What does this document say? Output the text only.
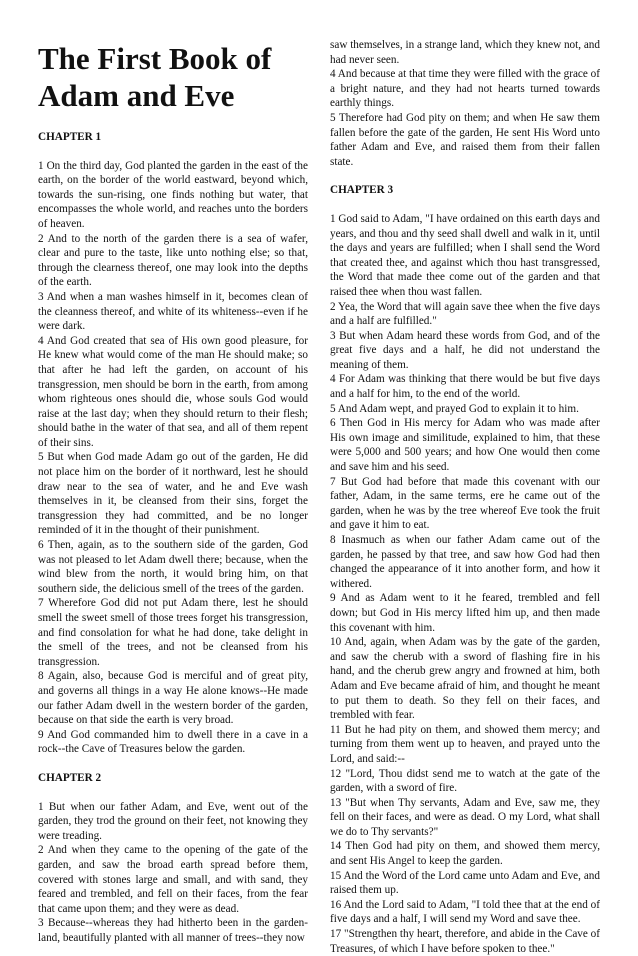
The First Book of Adam and Eve
CHAPTER 1

1 On the third day, God planted the garden in the east of the earth, on the border of the world eastward, beyond which, towards the sun-rising, one finds nothing but water, that encompasses the whole world, and reaches unto the borders of heaven.

2 And to the north of the garden there is a sea of wafer, clear and pure to the taste, like unto nothing else; so that, through the clearness thereof, one may look into the depths of the earth.

3 And when a man washes himself in it, becomes clean of the cleanness thereof, and white of its whiteness--even if he were dark.

4 And God created that sea of His own good pleasure, for He knew what would come of the man He should make; so that after he had left the garden, on account of his transgression, men should be born in the earth, from among whom righteous ones should die, whose souls God would raise at the last day; when they should return to their flesh; should bathe in the water of that sea, and all of them repent of their sins.

5 But when God made Adam go out of the garden, He did not place him on the border of it northward, lest he should draw near to the sea of water, and he and Eve wash themselves in it, be cleansed from their sins, forget the transgression they had committed, and be no longer reminded of it in the thought of their punishment.

6 Then, again, as to the southern side of the garden, God was not pleased to let Adam dwell there; because, when the wind blew from the north, it would bring him, on that southern side, the delicious smell of the trees of the garden.

7 Wherefore God did not put Adam there, lest he should smell the sweet smell of those trees forget his transgression, and find consolation for what he had done, take delight in the smell of the trees, and not be cleansed from his transgression.

8 Again, also, because God is merciful and of great pity, and governs all things in a way He alone knows--He made our father Adam dwell in the western border of the garden, because on that side the earth is very broad.

9 And God commanded him to dwell there in a cave in a rock--the Cave of Treasures below the garden.

CHAPTER 2

1 But when our father Adam, and Eve, went out of the garden, they trod the ground on their feet, not knowing they were treading.

2 And when they came to the opening of the gate of the garden, and saw the broad earth spread before them, covered with stones large and small, and with sand, they feared and trembled, and fell on their faces, from the fear that came upon them; and they were as dead.

3 Because--whereas they had hitherto been in the garden-land, beautifully planted with all manner of trees--they now

saw themselves, in a strange land, which they knew not, and had never seen.

4 And because at that time they were filled with the grace of a bright nature, and they had not hearts turned towards earthly things.

5 Therefore had God pity on them; and when He saw them fallen before the gate of the garden, He sent His Word unto father Adam and Eve, and raised them from their fallen state.

CHAPTER 3

1 God said to Adam, "I have ordained on this earth days and years, and thou and thy seed shall dwell and walk in it, until the days and years are fulfilled; when I shall send the Word that created thee, and against which thou hast transgressed, the Word that made thee come out of the garden and that raised thee when thou wast fallen.

2 Yea, the Word that will again save thee when the five days and a half are fulfilled."

3 But when Adam heard these words from God, and of the great five days and a half, he did not understand the meaning of them.

4 For Adam was thinking that there would be but five days and a half for him, to the end of the world.

5 And Adam wept, and prayed God to explain it to him.

6 Then God in His mercy for Adam who was made after His own image and similitude, explained to him, that these were 5,000 and 500 years; and how One would then come and save him and his seed.

7 But God had before that made this covenant with our father, Adam, in the same terms, ere he came out of the garden, when he was by the tree whereof Eve took the fruit and gave it him to eat.

8 Inasmuch as when our father Adam came out of the garden, he passed by that tree, and saw how God had then changed the appearance of it into another form, and how it withered.

9 And as Adam went to it he feared, trembled and fell down; but God in His mercy lifted him up, and then made this covenant with him.

10 And, again, when Adam was by the gate of the garden, and saw the cherub with a sword of flashing fire in his hand, and the cherub grew angry and frowned at him, both Adam and Eve became afraid of him, and thought he meant to put them to death. So they fell on their faces, and trembled with fear.

11 But he had pity on them, and showed them mercy; and turning from them went up to heaven, and prayed unto the Lord, and said:--

12 "Lord, Thou didst send me to watch at the gate of the garden, with a sword of fire.

13 "But when Thy servants, Adam and Eve, saw me, they fell on their faces, and were as dead. O my Lord, what shall we do to Thy servants?"

14 Then God had pity on them, and showed them mercy, and sent His Angel to keep the garden.

15 And the Word of the Lord came unto Adam and Eve, and raised them up.

16 And the Lord said to Adam, "I told thee that at the end of five days and a half, I will send my Word and save thee.

17 "Strengthen thy heart, therefore, and abide in the Cave of Treasures, of which I have before spoken to thee."
